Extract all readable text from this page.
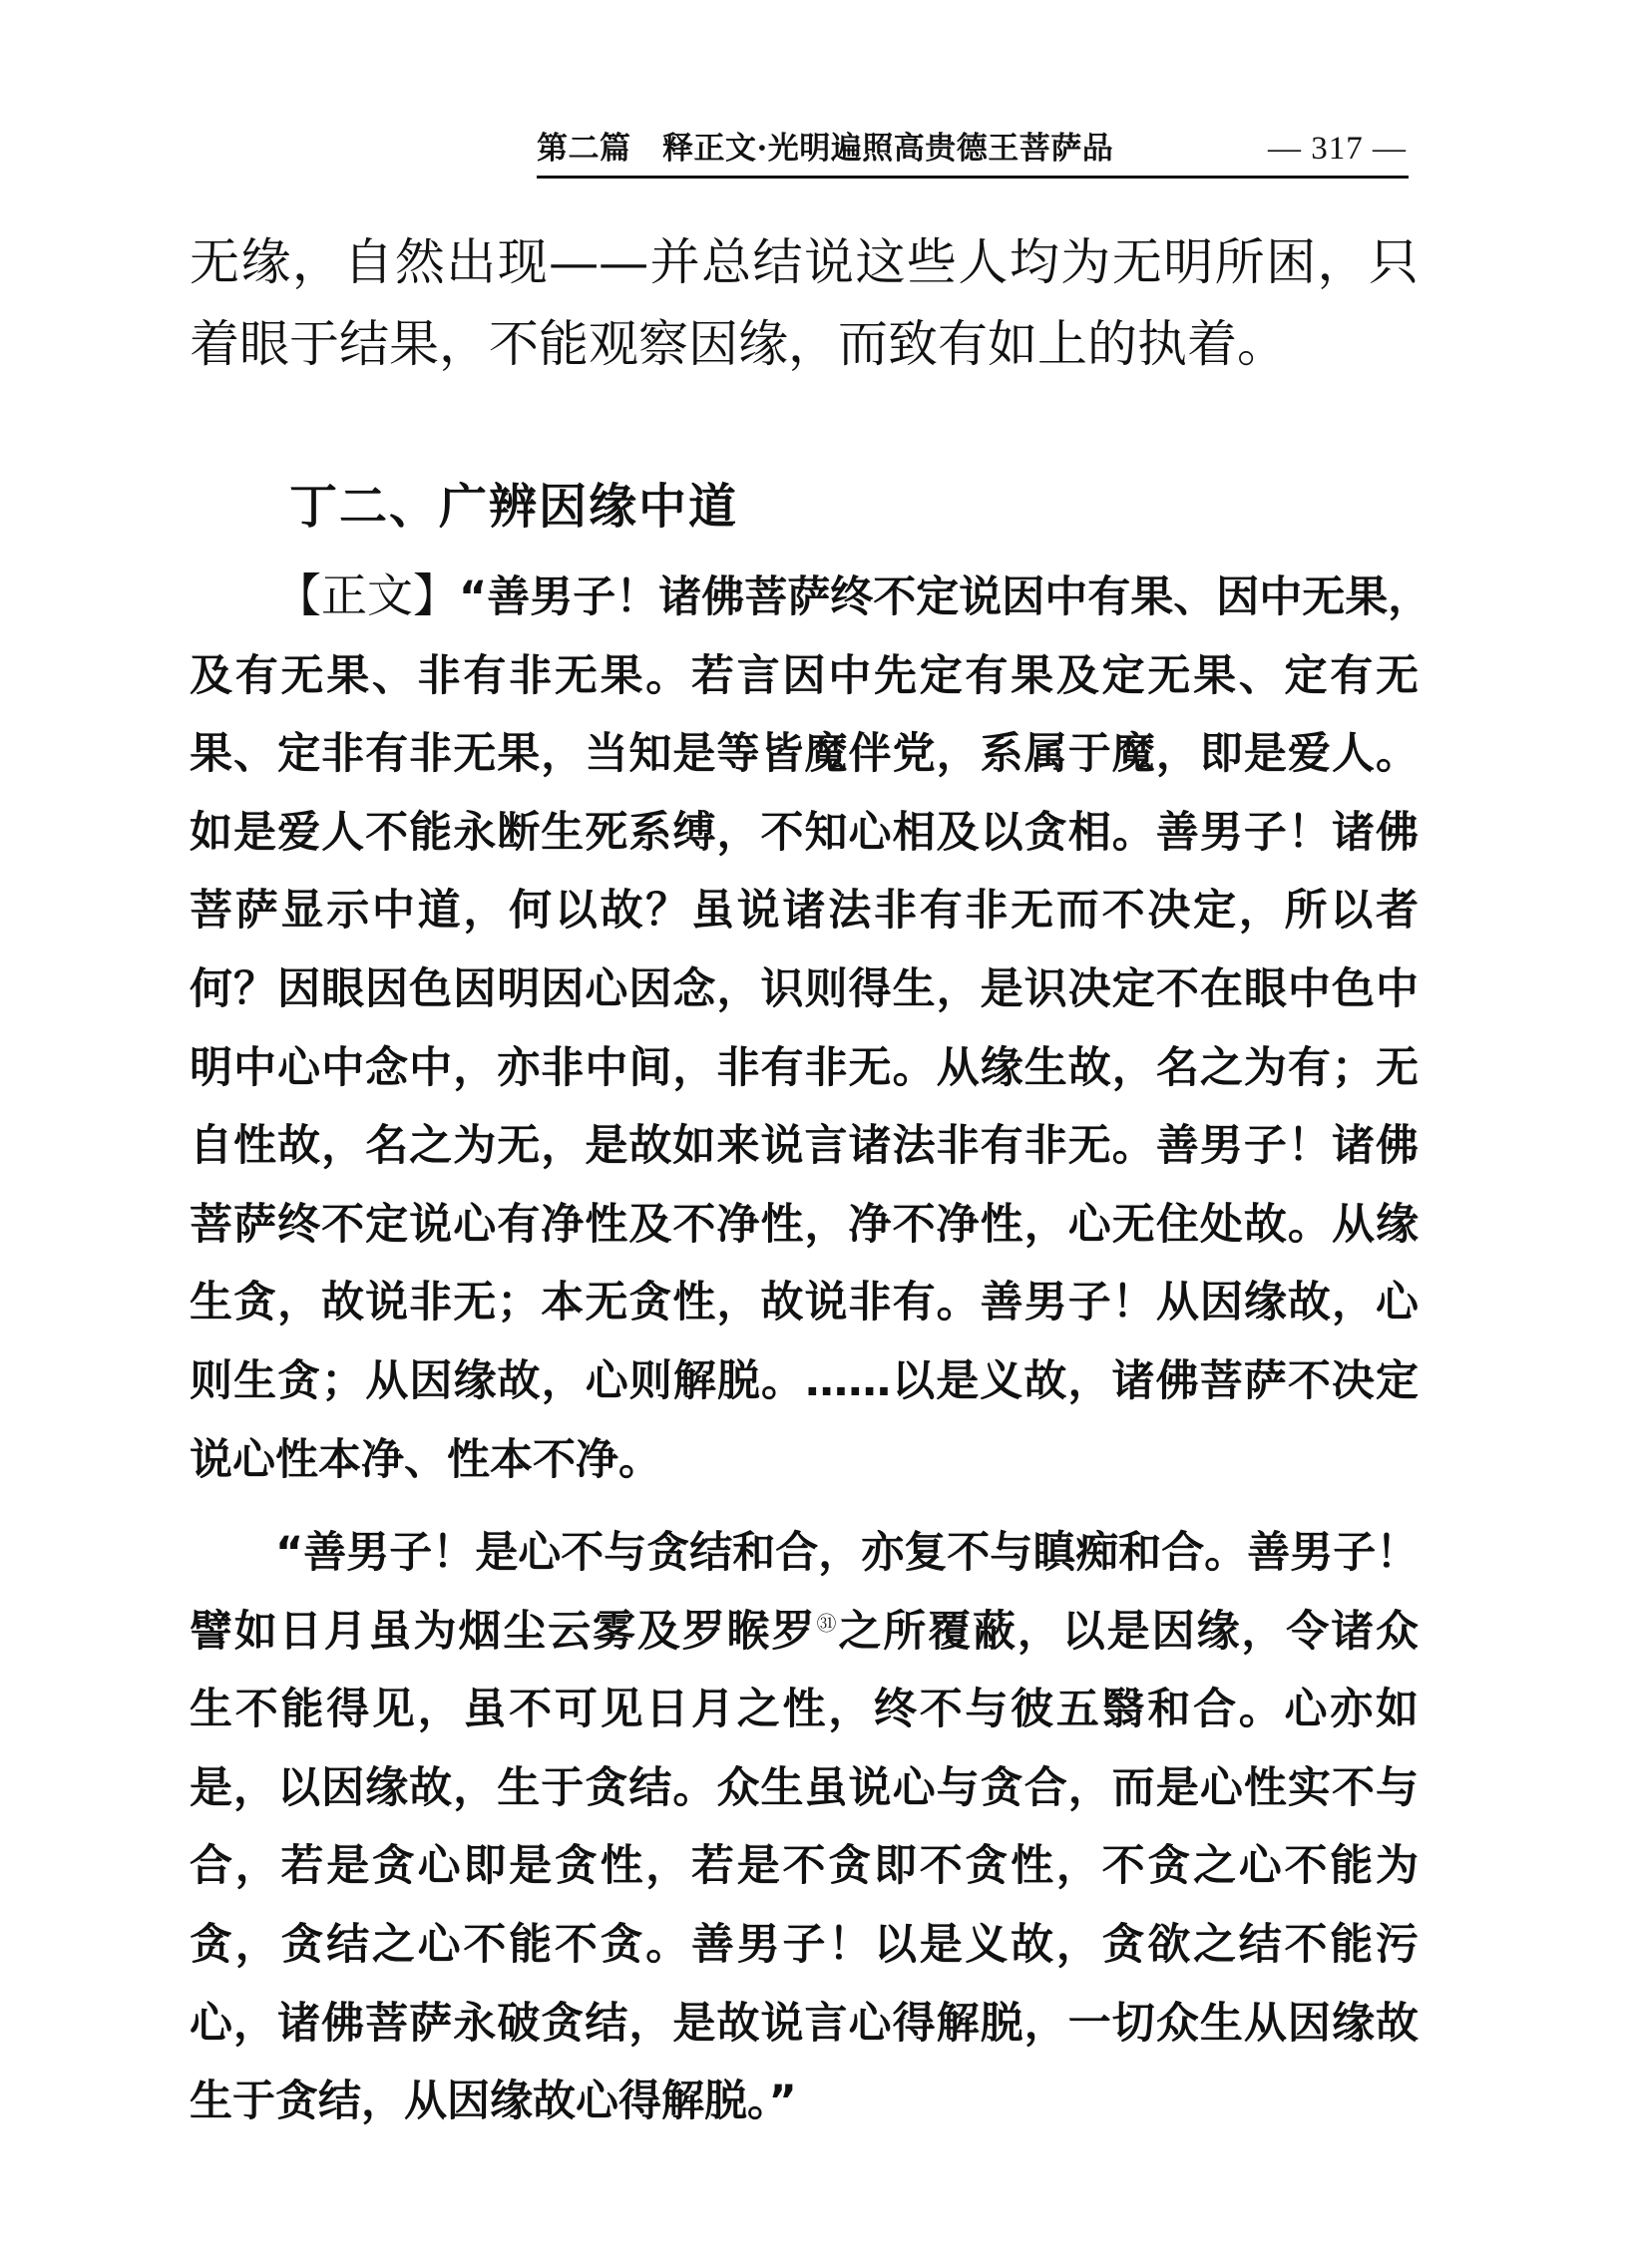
第二篇　释正文·光明遍照高贵德王菩萨品	— 317 —
无缘，自然出现——并总结说这些人均为无明所困，只
着眼于结果，不能观察因缘，而致有如上的执着。
丁二、广辨因缘中道
【正文】“善男子！诸佛菩萨终不定说因中有果、因中无果，
及有无果、非有非无果。若言因中先定有果及定无果、定有无
果、定非有非无果，当知是等皆魔伴党，系属于魔，即是爱人。
如是爱人不能永断生死系缚，不知心相及以贪相。善男子！诸佛
菩萨显示中道，何以故？虽说诸法非有非无而不决定，所以者
何？因眼因色因明因心因念，识则得生，是识决定不在眼中色中
明中心中念中，亦非中间，非有非无。从缘生故，名之为有；无
自性故，名之为无，是故如来说言诸法非有非无。善男子！诸佛
菩萨终不定说心有净性及不净性，净不净性，心无住处故。从缘
生贪，故说非无；本无贪性，故说非有。善男子！从因缘故，心
则生贪；从因缘故，心则解脱。……以是义故，诸佛菩萨不决定
说心性本净、性本不净。
“善男子！是心不与贪结和合，亦复不与瞋痴和合。善男子！
譬如日月虽为烟尘云雾及罗睺罗$^㉛$之所覆蔽，以是因缘，令诸众
生不能得见，虽不可见日月之性，终不与彼五翳和合。心亦如
是，以因缘故，生于贪结。众生虽说心与贪合，而是心性实不与
合，若是贪心即是贪性，若是不贪即不贪性，不贪之心不能为
贪，贪结之心不能不贪。善男子！以是义故，贪欲之结不能污
心，诸佛菩萨永破贪结，是故说言心得解脱，一切众生从因缘故
生于贪结，从因缘故心得解脱。”
